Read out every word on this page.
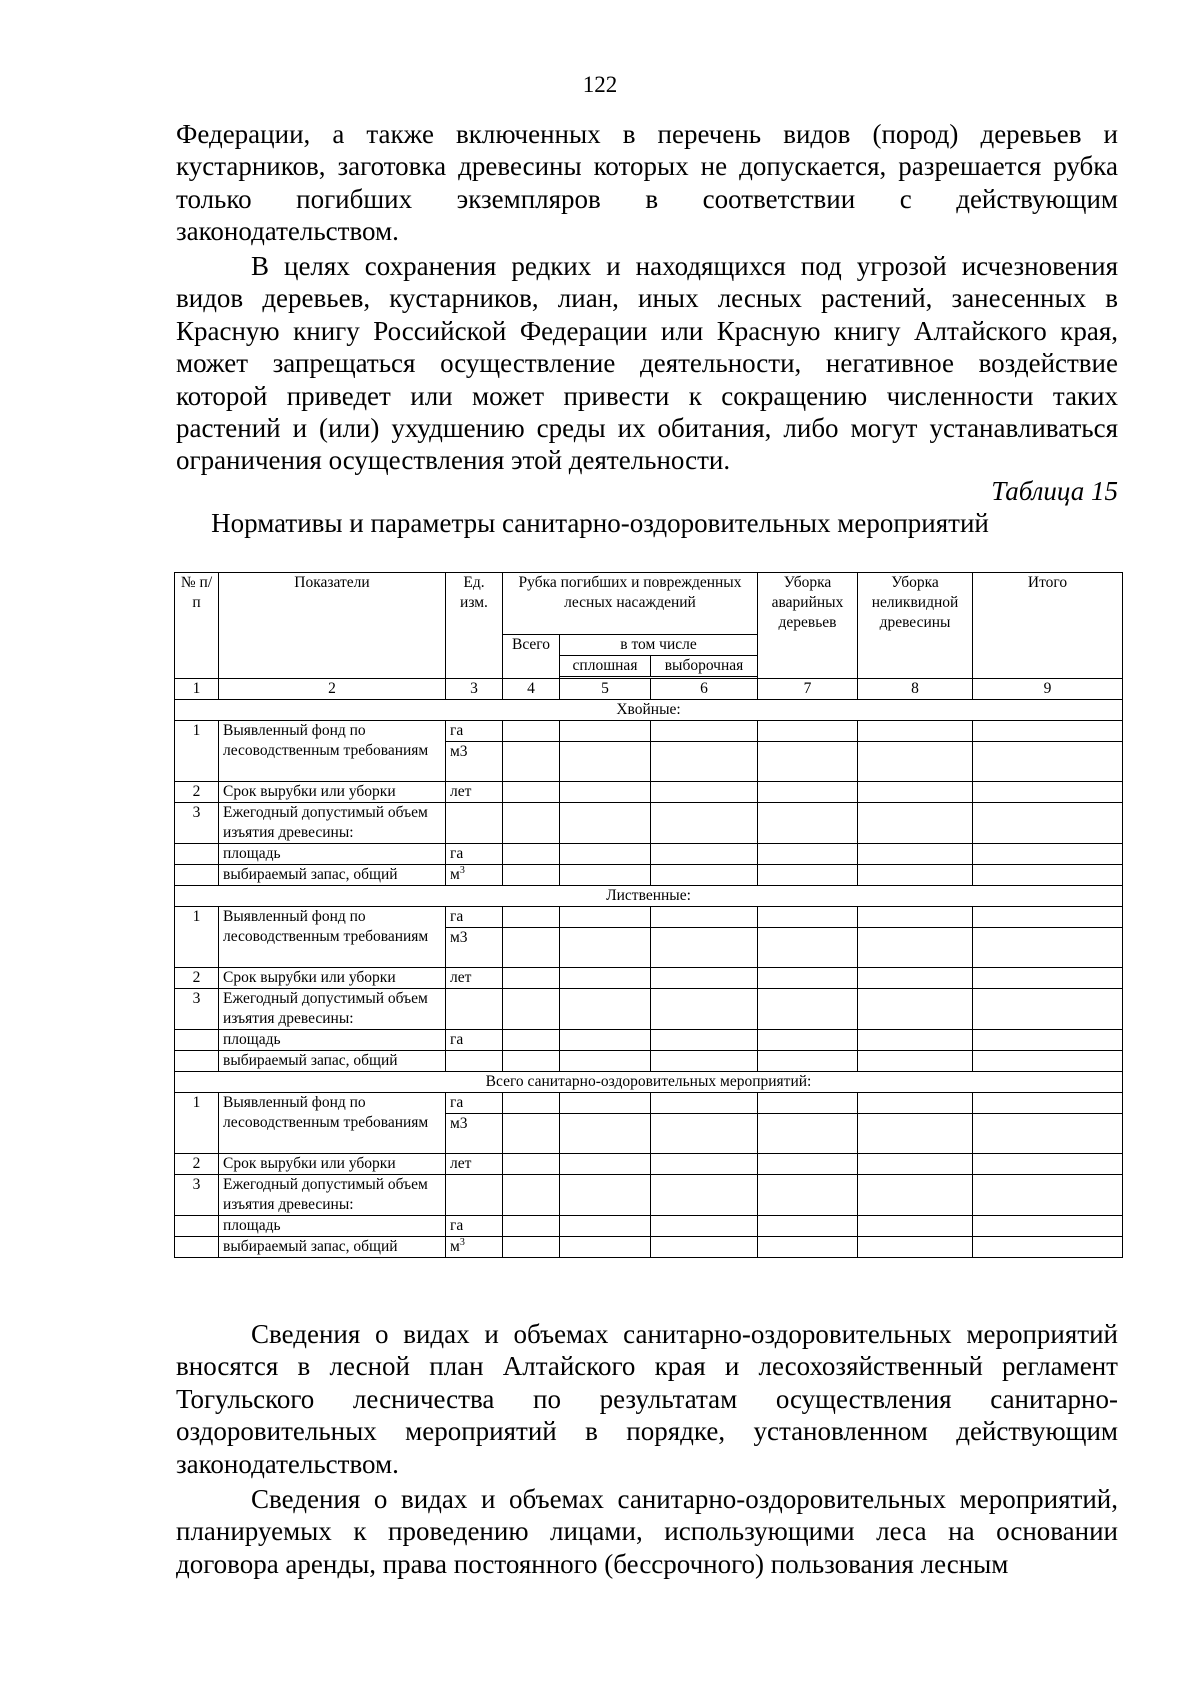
122

Федерации, а также включенных в перечень видов (пород) деревьев и кустарников, заготовка древесины которых не допускается, разрешается рубка только погибших экземпляров в соответствии с действующим законодательством.

В целях сохранения редких и находящихся под угрозой исчезновения видов деревьев, кустарников, лиан, иных лесных растений, занесенных в Красную книгу Российской Федерации или Красную книгу Алтайского края, может запрещаться осуществление деятельности, негативное воздействие которой приведет или может привести к сокращению численности таких растений и (или) ухудшению среды их обитания, либо могут устанавливаться ограничения осуществления этой деятельности.

Таблица 15
Нормативы и параметры санитарно-оздоровительных мероприятий
№ п/п	Показатели	Ед. изм.	Рубка погибших и поврежденных лесных насаждений			Уборка аварийных деревьев	Уборка неликвидной древесины	Итого
			Всего	в том числе				
				сплошная	выборочная			

1	2	3	4	5	6	7	8	9
Хвойные:								
1	Выявленный фонд по лесоводственным требованиям	га						
		м3						
2	Срок вырубки или уборки	лет						
3	Ежегодный допустимый объем изъятия древесины:							
	площадь	га						
	выбираемый запас, общий	$м^3$						
Лиственные:								
1	Выявленный фонд по лесоводственным требованиям	га						
		м3						
2	Срок вырубки или уборки	лет						
3	Ежегодный допустимый объем изъятия древесины:							
	площадь	га						
	выбираемый запас, общий							
Всего санитарно-оздоровительных мероприятий:								
1	Выявленный фонд по лесоводственным требованиям	га						
		м3						
2	Срок вырубки или уборки	лет						
3	Ежегодный допустимый объем изъятия древесины:							
	площадь	га						
	выбираемый запас, общий	$м^3$						

Сведения о видах и объемах санитарно-оздоровительных мероприятий вносятся в лесной план Алтайского края и лесохозяйственный регламент Тогульского лесничества по результатам осуществления санитарно-оздоровительных мероприятий в порядке, установленном действующим законодательством.

Сведения о видах и объемах санитарно-оздоровительных мероприятий, планируемых к проведению лицами, использующими леса на основании договора аренды, права постоянного (бессрочного) пользования лесным
